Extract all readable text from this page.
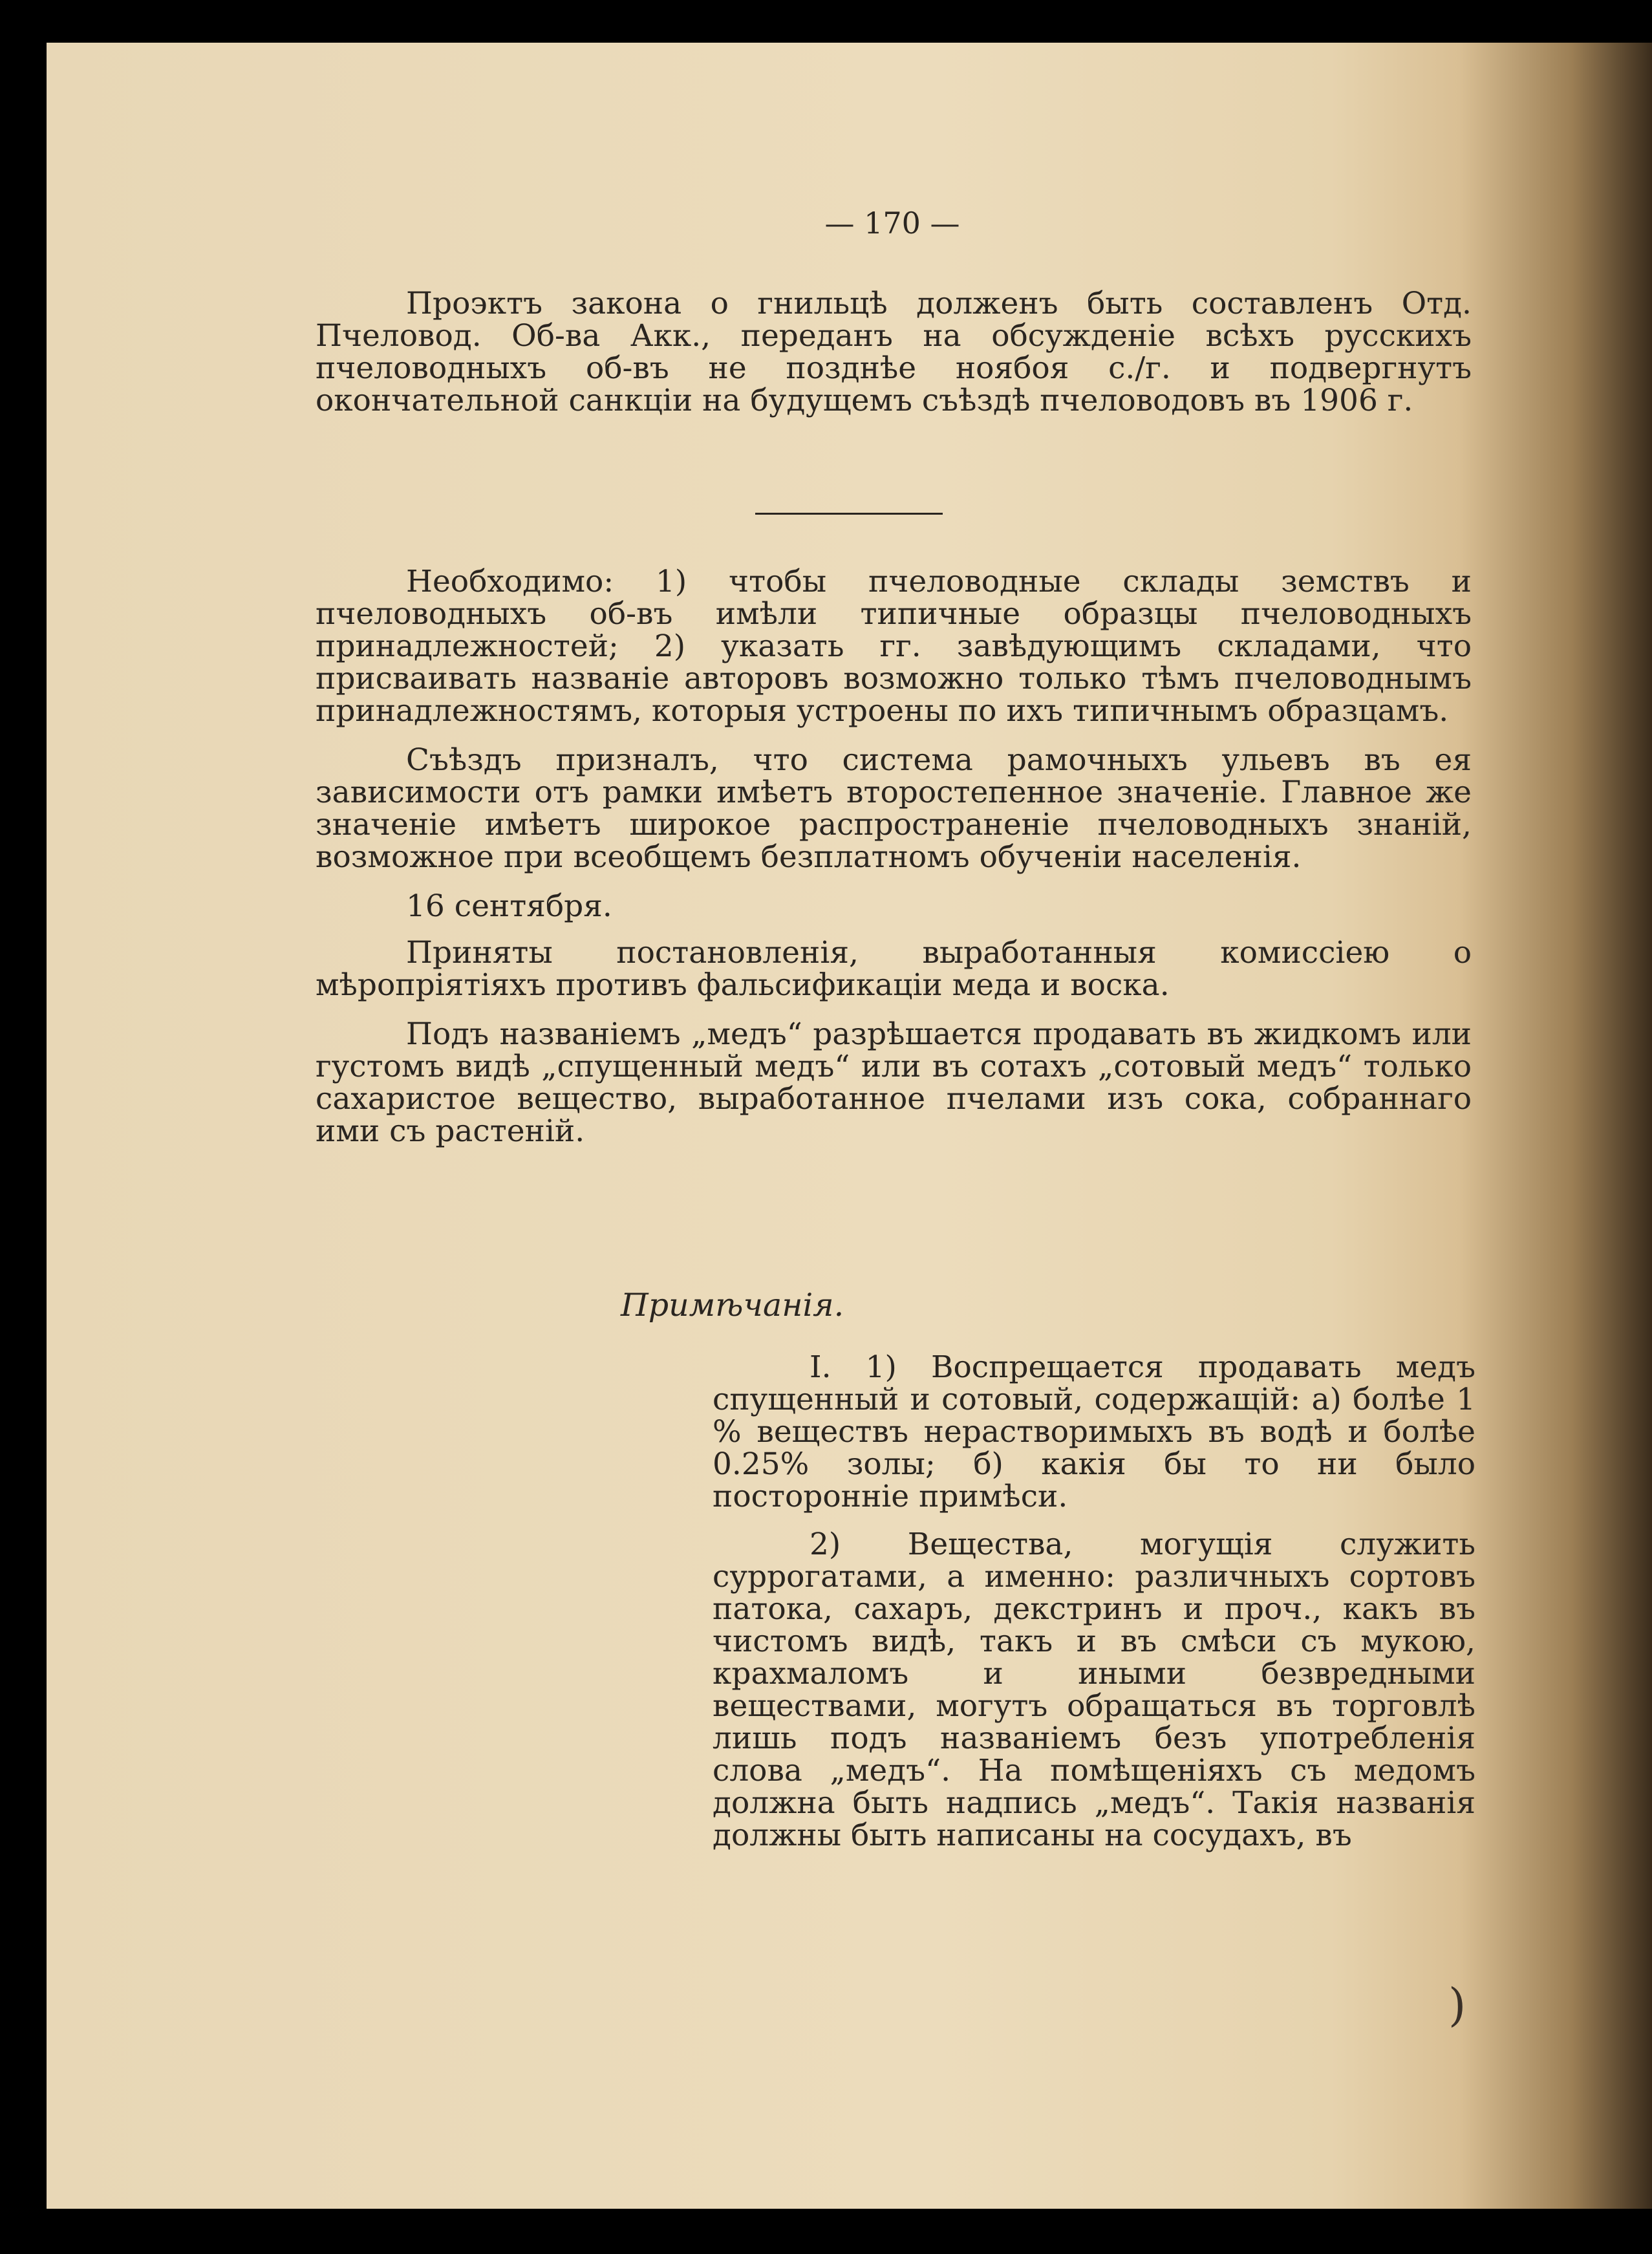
— 170 —

Проэктъ закона о гнильцѣ долженъ быть составленъ Отд. Пчеловод. Об-ва Акк., переданъ на обсужденіе всѣхъ русскихъ пчеловодныхъ об-въ не позднѣе ноябоя с./г. и подвергнутъ окончательной санкціи на будущемъ съѣздѣ пчеловодовъ въ 1906 г.

Необходимо: 1) чтобы пчеловодные склады земствъ и пчеловодныхъ об-въ имѣли типичные образцы пчеловодныхъ принадлежностей; 2) указать гг. завѣдующимъ складами, что присваивать названіе авторовъ возможно только тѣмъ пчеловоднымъ принадлежностямъ, которыя устроены по ихъ типичнымъ образцамъ.

Съѣздъ призналъ, что система рамочныхъ ульевъ въ ея зависимости отъ рамки имѣетъ второстепенное значеніе. Главное же значеніе имѣетъ широкое распространеніе пчеловодныхъ знаній, возможное при всеобщемъ безплатномъ обученіи населенія.

16 сентября.

Приняты постановленія, выработанныя комиссіею о мѣропріятіяхъ противъ фальсификаціи меда и воска.

Подъ названіемъ „медъ“ разрѣшается продавать въ жидкомъ или густомъ видѣ „спущенный медъ“ или въ сотахъ „сотовый медъ“ только сахаристое вещество, выработанное пчелами изъ сока, собраннаго ими съ растеній.

Примѣчанія.

I. 1) Воспрещается продавать медъ спущенный и сотовый, содержащій: а) болѣе 1 % веществъ нерастворимыхъ въ водѣ и болѣе 0.25% золы; б) какія бы то ни было посторонніе примѣси.

2) Вещества, могущія служить суррогатами, а именно: различныхъ сортовъ патока, сахаръ, декстринъ и проч., какъ въ чистомъ видѣ, такъ и въ смѣси съ мукою, крахмаломъ и иными безвредными веществами, могутъ обращаться въ торговлѣ лишь подъ названіемъ безъ употребленія слова „медъ“. На помѣщеніяхъ съ медомъ должна быть надпись „медъ“. Такія названія должны быть написаны на сосудахъ, въ

)
